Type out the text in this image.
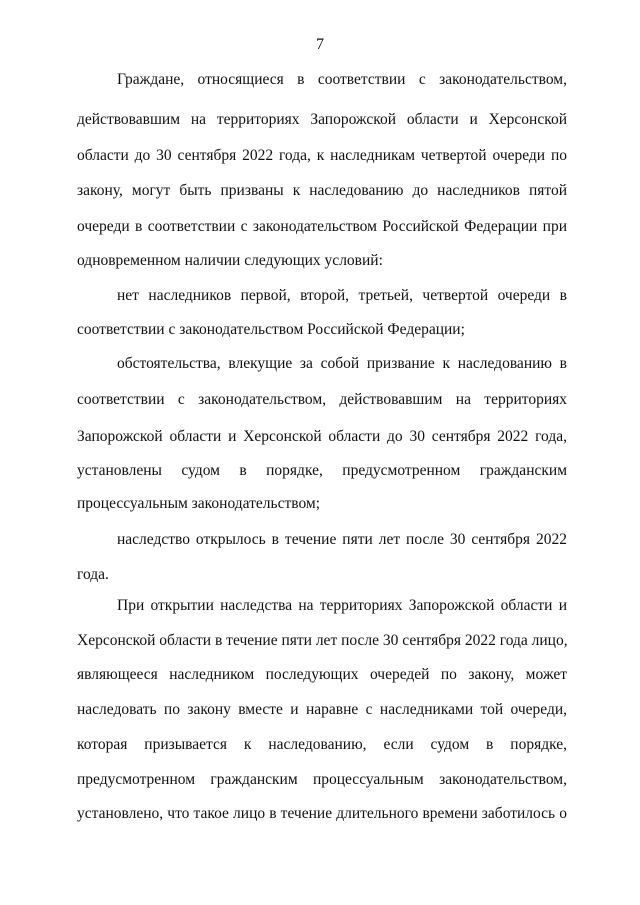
7
Граждане, относящиеся в соответствии с законодательством,
действовавшим на территориях Запорожской области и Херсонской
области до 30 сентября 2022 года, к наследникам четвертой очереди по
закону, могут быть призваны к наследованию до наследников пятой
очереди в соответствии с законодательством Российской Федерации при
одновременном наличии следующих условий:
нет наследников первой, второй, третьей, четвертой очереди в
соответствии с законодательством Российской Федерации;
обстоятельства, влекущие за собой призвание к наследованию в
соответствии с законодательством, действовавшим на территориях
Запорожской области и Херсонской области до 30 сентября 2022 года,
установлены судом в порядке, предусмотренном гражданским
процессуальным законодательством;
наследство открылось в течение пяти лет после 30 сентября 2022
года.
При открытии наследства на территориях Запорожской области и
Херсонской области в течение пяти лет после 30 сентября 2022 года лицо,
являющееся наследником последующих очередей по закону, может
наследовать по закону вместе и наравне с наследниками той очереди,
которая призывается к наследованию, если судом в порядке,
предусмотренном гражданским процессуальным законодательством,
установлено, что такое лицо в течение длительного времени заботилось о
